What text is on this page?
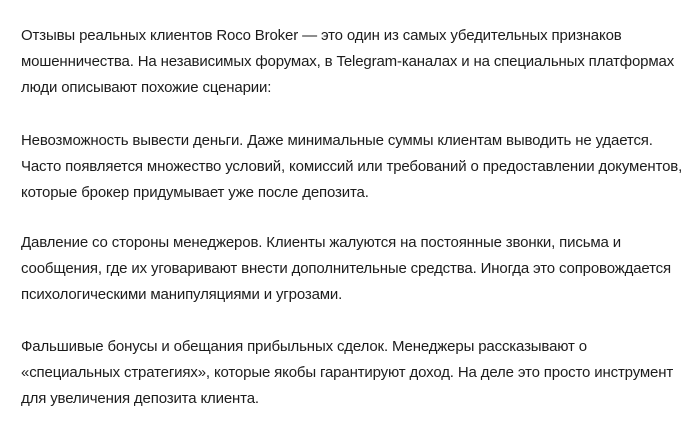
Отзывы реальных клиентов Roco Broker — это один из самых убедительных признаков
мошенничества. На независимых форумах, в Telegram-каналах и на специальных платформах
люди описывают похожие сценарии:

Невозможность вывести деньги. Даже минимальные суммы клиентам выводить не удается.
Часто появляется множество условий, комиссий или требований о предоставлении документов,
которые брокер придумывает уже после депозита.

Давление со стороны менеджеров. Клиенты жалуются на постоянные звонки, письма и
сообщения, где их уговаривают внести дополнительные средства. Иногда это сопровождается
психологическими манипуляциями и угрозами.

Фальшивые бонусы и обещания прибыльных сделок. Менеджеры рассказывают о
«специальных стратегиях», которые якобы гарантируют доход. На деле это просто инструмент
для увеличения депозита клиента.
